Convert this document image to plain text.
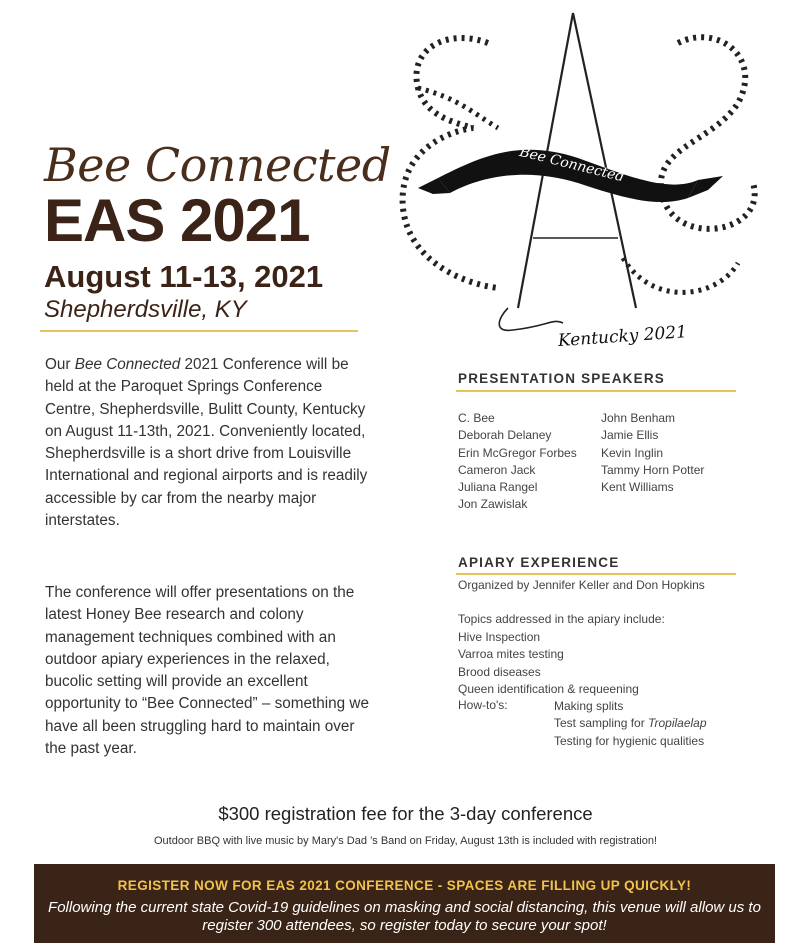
Bee Connected
EAS 2021
August 11-13, 2021
Shepherdsville, KY
Bee Connected
Kentucky 2021

Our Bee Connected 2021 Conference will be held at the Paroquet Springs Conference Centre, Shepherdsville, Bulitt County, Kentucky on August 11-13th, 2021. Conveniently located, Shepherdsville is a short drive from Louisville International and regional airports and is readily accessible by car from the nearby major interstates.

The conference will offer presentations on the latest Honey Bee research and colony management techniques combined with an outdoor apiary experiences in the relaxed, bucolic setting will provide an excellent opportunity to “Bee Connected” – something we have all been struggling hard to maintain over the past year.

PRESENTATION SPEAKERS
C. Bee
Deborah Delaney
Erin McGregor Forbes
Cameron Jack
Juliana Rangel
Jon Zawislak
John Benham
Jamie Ellis
Kevin Inglin
Tammy Horn Potter
Kent Williams
APIARY EXPERIENCE
Organized by Jennifer Keller and Don Hopkins
Topics addressed in the apiary include:
Hive Inspection
Varroa mites testing
Brood diseases
Queen identification & requeening
How-to's:	Making splits
Test sampling for Tropilaelap
Testing for hygienic qualities
$300 registration fee for the 3-day conference
Outdoor BBQ with live music by Mary's Dad ’s Band on Friday, August 13th is included with registration!
REGISTER NOW FOR EAS 2021 CONFERENCE - SPACES ARE FILLING UP QUICKLY!
Following the current state Covid-19 guidelines on masking and social distancing, this venue will allow us to register 300 attendees, so register today to secure your spot!
